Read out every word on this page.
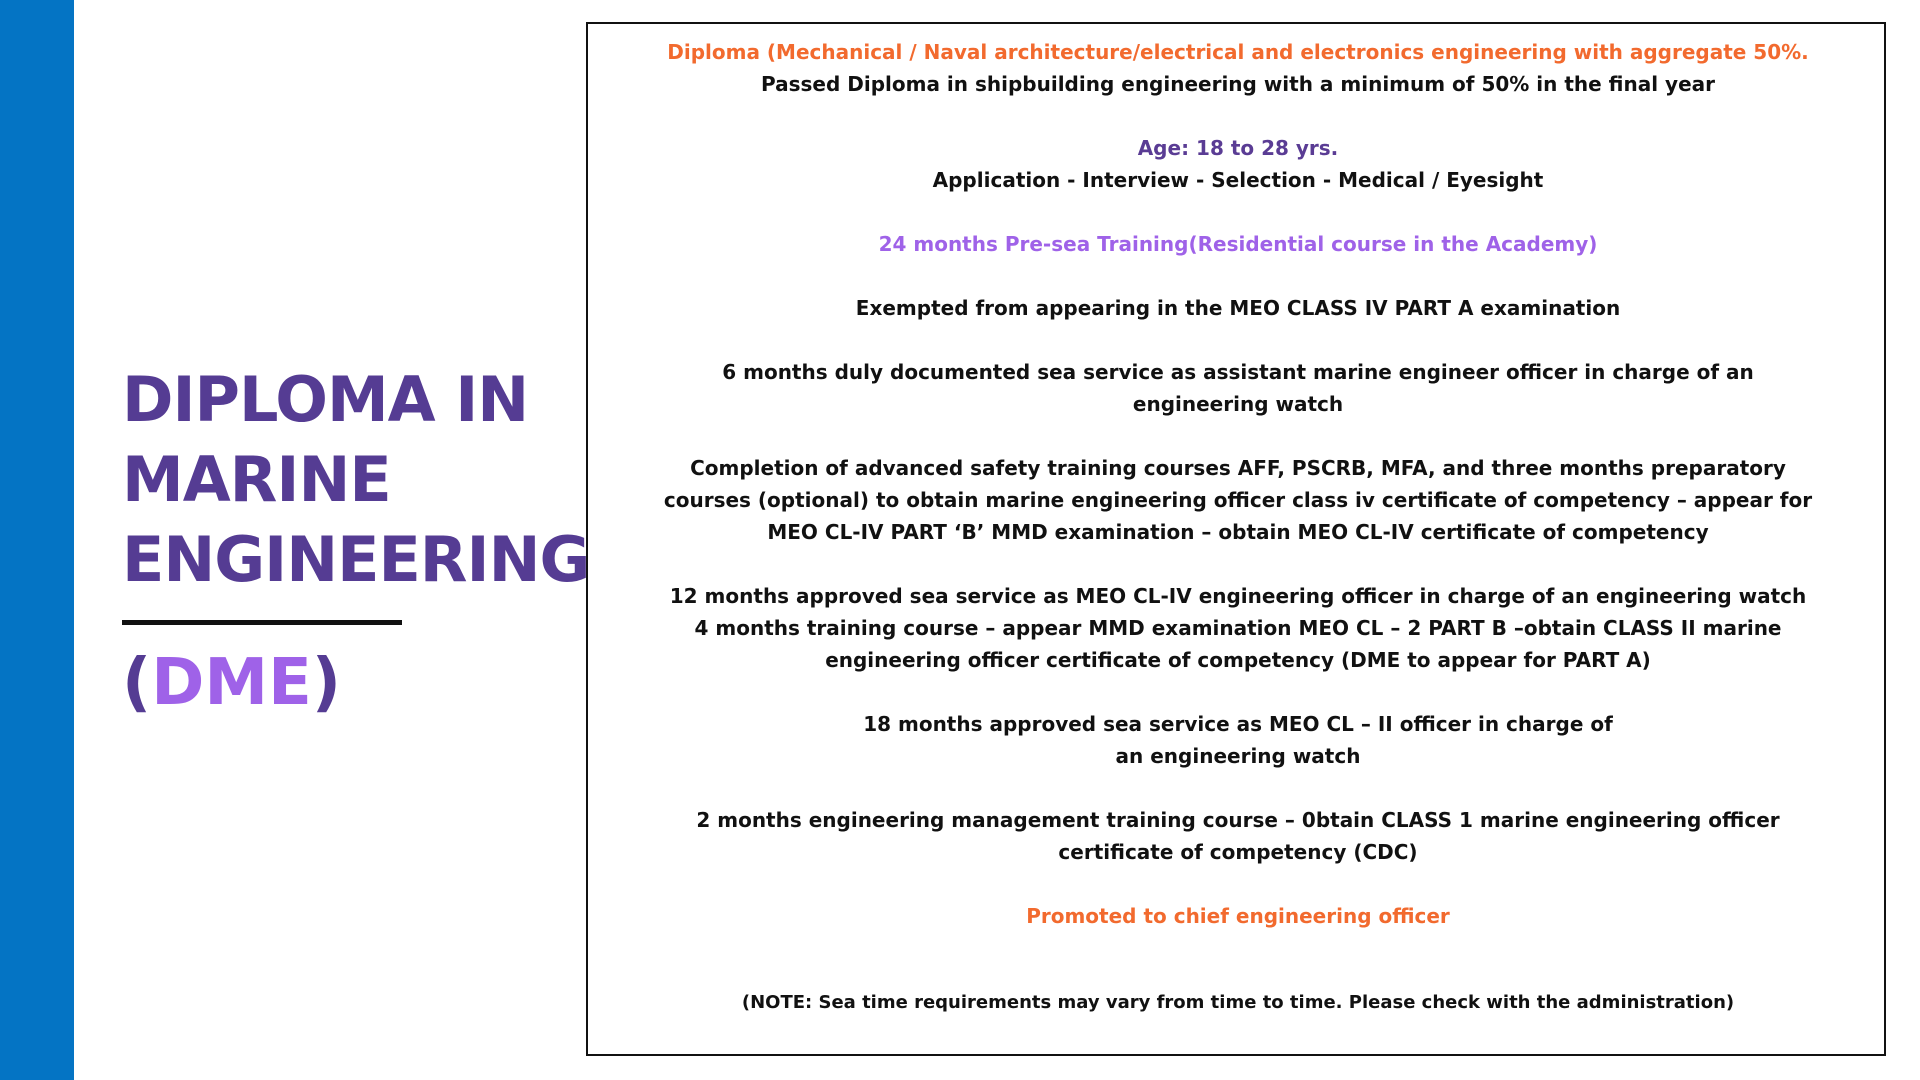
DIPLOMA IN
MARINE
ENGINEERING
(DME)
Diploma (Mechanical / Naval architecture/electrical and electronics engineering with aggregate 50%.
Passed Diploma in shipbuilding engineering with a minimum of 50% in the final year
Age: 18 to 28 yrs.
Application - Interview - Selection - Medical / Eyesight
24 months Pre-sea Training(Residential course in the Academy)
Exempted from appearing in the MEO CLASS IV PART A examination
6 months duly documented sea service as assistant marine engineer officer in charge of an
engineering watch
Completion of advanced safety training courses AFF, PSCRB, MFA, and three months preparatory
courses (optional) to obtain marine engineering officer class iv certificate of competency – appear for
MEO CL-IV PART ‘B’ MMD examination – obtain MEO CL-IV certificate of competency
12 months approved sea service as MEO CL-IV engineering officer in charge of an engineering watch
4 months training course – appear MMD examination MEO CL – 2 PART B –obtain CLASS II marine
engineering officer certificate of competency (DME to appear for PART A)
18 months approved sea service as MEO CL – II officer in charge of
an engineering watch
2 months engineering management training course – 0btain CLASS 1 marine engineering officer
certificate of competency (CDC)
Promoted to chief engineering officer
(NOTE: Sea time requirements may vary from time to time. Please check with the administration)
